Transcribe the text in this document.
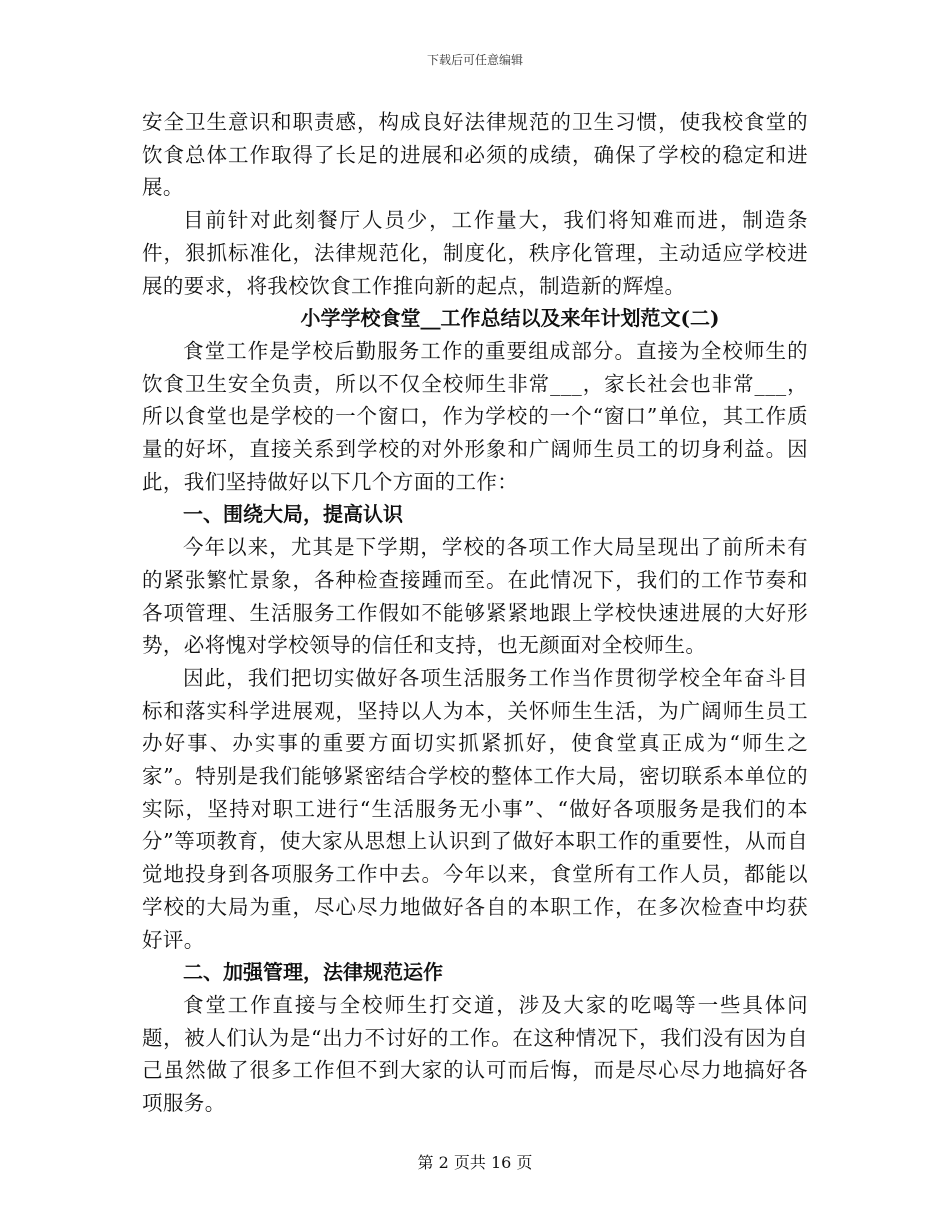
下载后可任意编辑

安全卫生意识和职责感，构成良好法律规范的卫生习惯，使我校食堂的饮食总体工作取得了长足的进展和必须的成绩，确保了学校的稳定和进展。

目前针对此刻餐厅人员少，工作量大，我们将知难而进，制造条件，狠抓标准化，法律规范化，制度化，秩序化管理，主动适应学校进展的要求，将我校饮食工作推向新的起点，制造新的辉煌。

小学学校食堂__工作总结以及来年计划范文(二)

食堂工作是学校后勤服务工作的重要组成部分。直接为全校师生的饮食卫生安全负责，所以不仅全校师生非常___，家长社会也非常___，所以食堂也是学校的一个窗口，作为学校的一个“窗口”单位，其工作质量的好坏，直接关系到学校的对外形象和广阔师生员工的切身利益。因此，我们坚持做好以下几个方面的工作：

一、围绕大局，提高认识

今年以来，尤其是下学期，学校的各项工作大局呈现出了前所未有的紧张繁忙景象，各种检查接踵而至。在此情况下，我们的工作节奏和各项管理、生活服务工作假如不能够紧紧地跟上学校快速进展的大好形势，必将愧对学校领导的信任和支持，也无颜面对全校师生。

因此，我们把切实做好各项生活服务工作当作贯彻学校全年奋斗目标和落实科学进展观，坚持以人为本，关怀师生生活，为广阔师生员工办好事、办实事的重要方面切实抓紧抓好，使食堂真正成为“师生之家”。特别是我们能够紧密结合学校的整体工作大局，密切联系本单位的实际，坚持对职工进行“生活服务无小事”、“做好各项服务是我们的本分”等项教育，使大家从思想上认识到了做好本职工作的重要性，从而自觉地投身到各项服务工作中去。今年以来，食堂所有工作人员，都能以学校的大局为重，尽心尽力地做好各自的本职工作，在多次检查中均获好评。

二、加强管理，法律规范运作

食堂工作直接与全校师生打交道，涉及大家的吃喝等一些具体问题，被人们认为是“出力不讨好的工作。在这种情况下，我们没有因为自己虽然做了很多工作但不到大家的认可而后悔，而是尽心尽力地搞好各项服务。

第 2 页共 16 页
